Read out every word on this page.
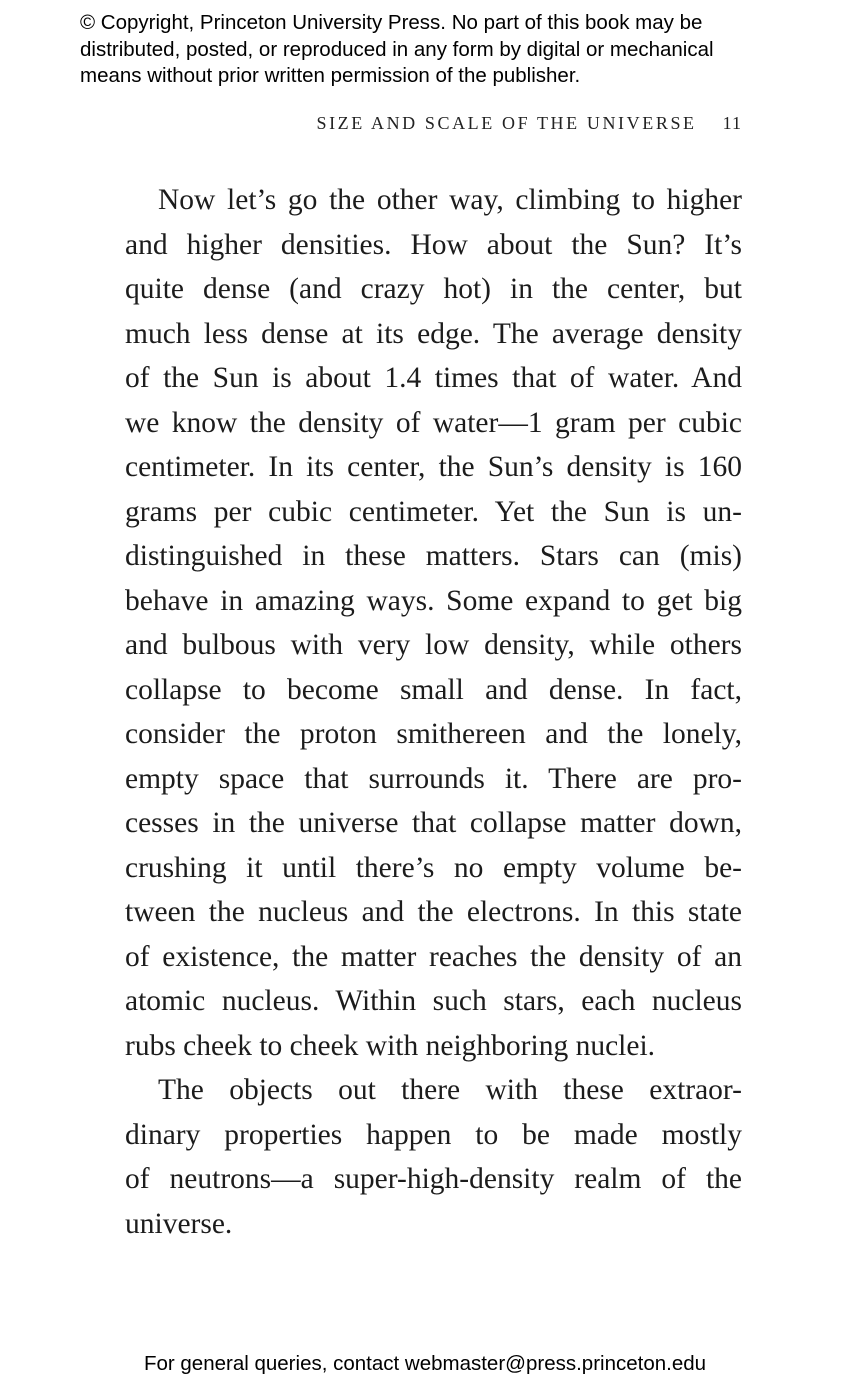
© Copyright, Princeton University Press. No part of this book may be
distributed, posted, or reproduced in any form by digital or mechanical
means without prior written permission of the publisher.
SIZE AND SCALE OF THE UNIVERSE 11
Now let’s go the other way, climbing to higher
and higher densities. How about the Sun? It’s
quite dense (and crazy hot) in the center, but
much less dense at its edge. The average density
of the Sun is about 1.4 times that of water. And
we know the density of water—1 gram per cubic
centimeter. In its center, the Sun’s density is 160
grams per cubic centimeter. Yet the Sun is un-
distinguished in these matters. Stars can (mis)
behave in amazing ways. Some expand to get big
and bulbous with very low density, while others
collapse to become small and dense. In fact,
consider the proton smithereen and the lonely,
empty space that surrounds it. There are pro-
cesses in the universe that collapse matter down,
crushing it until there’s no empty volume be-
tween the nucleus and the electrons. In this state
of existence, the matter reaches the density of an
atomic nucleus. Within such stars, each nucleus
rubs cheek to cheek with neighboring nuclei.
The objects out there with these extraor-
dinary properties happen to be made mostly
of neutrons—a super-high-density realm of the
universe.
For general queries, contact webmaster@press.princeton.edu
